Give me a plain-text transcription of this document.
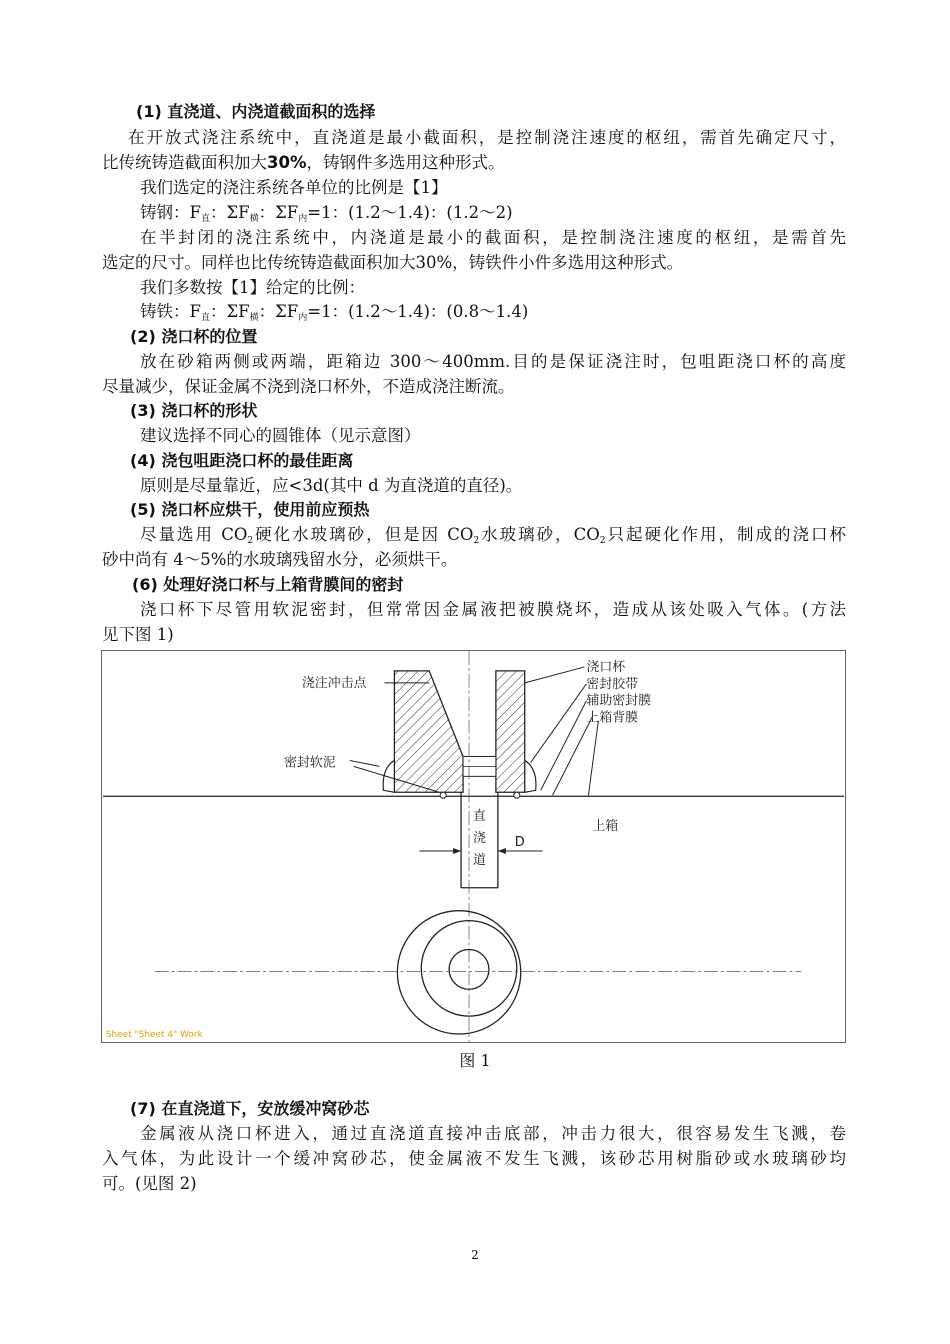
(1) 直浇道、内浇道截面积的选择
在开放式浇注系统中，直浇道是最小截面积，是控制浇注速度的枢纽，需首先确定尺寸，
比传统铸造截面积加大30%，铸钢件多选用这种形式。
我们选定的浇注系统各单位的比例是【1】
铸钢：$F_直$：$\Sigma F_横$：$\Sigma F_内=1$：(1.2～1.4)：(1.2～2)
在半封闭的浇注系统中，内浇道是最小的截面积，是控制浇注速度的枢纽，是需首先
选定的尺寸。同样也比传统铸造截面积加大30%，铸铁件小件多选用这种形式。
我们多数按【1】给定的比例：
铸铁：$F_直$：$\Sigma F_横$：$\Sigma F_内=1$：(1.2～1.4)：(0.8～1.4)
(2) 浇口杯的位置
放在砂箱两侧或两端，距箱边 300～400mm.目的是保证浇注时，包咀距浇口杯的高度
尽量减少，保证金属不浇到浇口杯外，不造成浇注断流。
(3) 浇口杯的形状
建议选择不同心的圆锥体（见示意图）
(4) 浇包咀距浇口杯的最佳距离
原则是尽量靠近，应<3d(其中 d 为直浇道的直径)。
(5) 浇口杯应烘干，使用前应预热
尽量选用 $CO_2$硬化水玻璃砂，但是因 $CO_2$水玻璃砂，$CO_2$只起硬化作用，制成的浇口杯
砂中尚有 4～5%的水玻璃残留水分，必须烘干。
(6) 处理好浇口杯与上箱背膜间的密封
浇口杯下尽管用软泥密封，但常常因金属液把被膜烧坏，造成从该处吸入气体。(方法
见下图 1)
浇注冲击点
密封软泥
浇口杯
密封胶带
辅助密封膜
上箱背膜
上箱
直
浇
道
D
Sheet "Sheet 4" Work
图 1
(7) 在直浇道下，安放缓冲窝砂芯
金属液从浇口杯进入，通过直浇道直接冲击底部，冲击力很大，很容易发生飞溅，卷
入气体，为此设计一个缓冲窝砂芯，使金属液不发生飞溅，该砂芯用树脂砂或水玻璃砂均
可。(见图 2)
2
